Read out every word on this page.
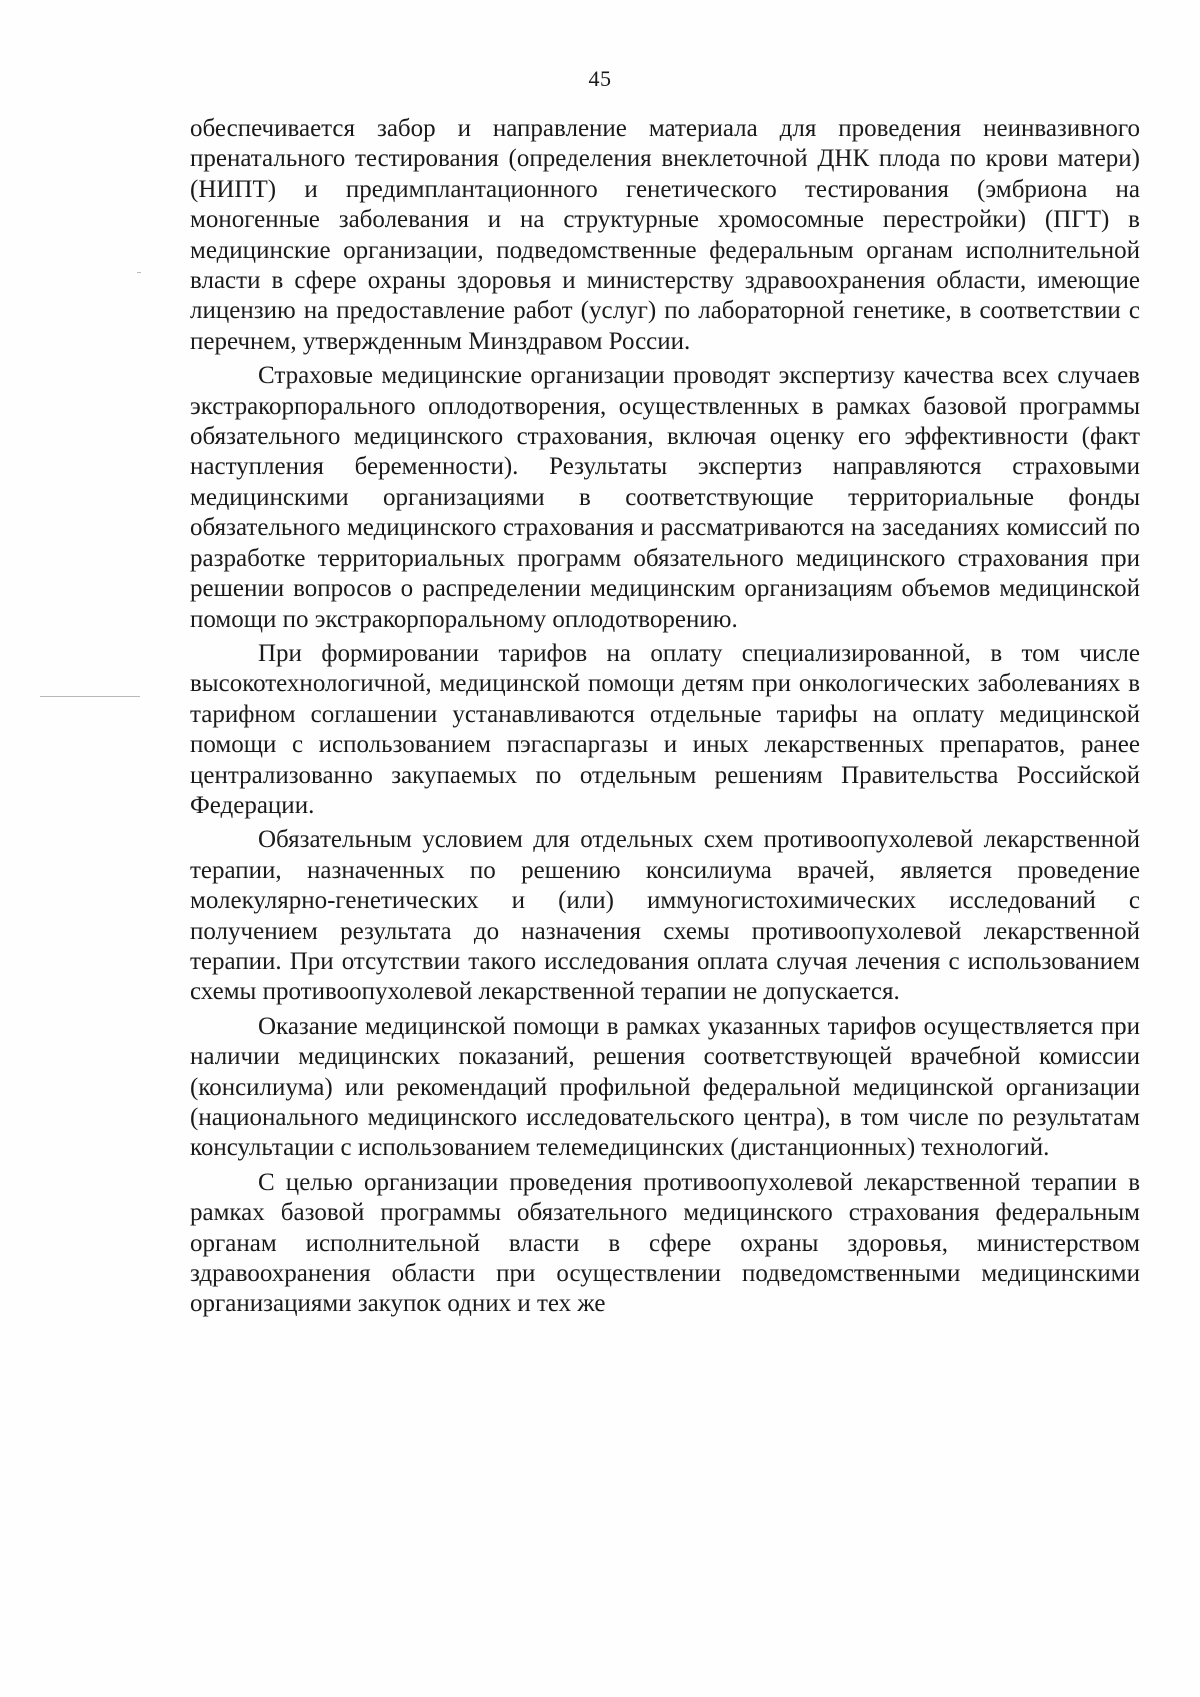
45

обеспечивается забор и направление материала для проведения неинвазивного пренатального тестирования (определения внеклеточной ДНК плода по крови матери) (НИПТ) и предимплантационного генетического тестирования (эмбриона на моногенные заболевания и на структурные хромосомные перестройки) (ПГТ) в медицинские организации, подведомственные федеральным органам исполнительной власти в сфере охраны здоровья и министерству здравоохранения области, имеющие лицензию на предоставление работ (услуг) по лабораторной генетике, в соответствии с перечнем, утвержденным Минздравом России.

Страховые медицинские организации проводят экспертизу качества всех случаев экстракорпорального оплодотворения, осуществленных в рамках базовой программы обязательного медицинского страхования, включая оценку его эффективности (факт наступления беременности). Результаты экспертиз направляются страховыми медицинскими организациями в соответствующие территориальные фонды обязательного медицинского страхования и рассматриваются на заседаниях комиссий по разработке территориальных программ обязательного медицинского страхования при решении вопросов о распределении медицинским организациям объемов медицинской помощи по экстракорпоральному оплодотворению.

При формировании тарифов на оплату специализированной, в том числе высокотехнологичной, медицинской помощи детям при онкологических заболеваниях в тарифном соглашении устанавливаются отдельные тарифы на оплату медицинской помощи с использованием пэгаспаргазы и иных лекарственных препаратов, ранее централизованно закупаемых по отдельным решениям Правительства Российской Федерации.

Обязательным условием для отдельных схем противоопухолевой лекарственной терапии, назначенных по решению консилиума врачей, является проведение молекулярно-генетических и (или) иммуногистохимических исследований с получением результата до назначения схемы противоопухолевой лекарственной терапии. При отсутствии такого исследования оплата случая лечения с использованием схемы противоопухолевой лекарственной терапии не допускается.

Оказание медицинской помощи в рамках указанных тарифов осуществляется при наличии медицинских показаний, решения соответствующей врачебной комиссии (консилиума) или рекомендаций профильной федеральной медицинской организации (национального медицинского исследовательского центра), в том числе по результатам консультации с использованием телемедицинских (дистанционных) технологий.

С целью организации проведения противоопухолевой лекарственной терапии в рамках базовой программы обязательного медицинского страхования федеральным органам исполнительной власти в сфере охраны здоровья, министерством здравоохранения области при осуществлении подведомственными медицинскими организациями закупок одних и тех же
